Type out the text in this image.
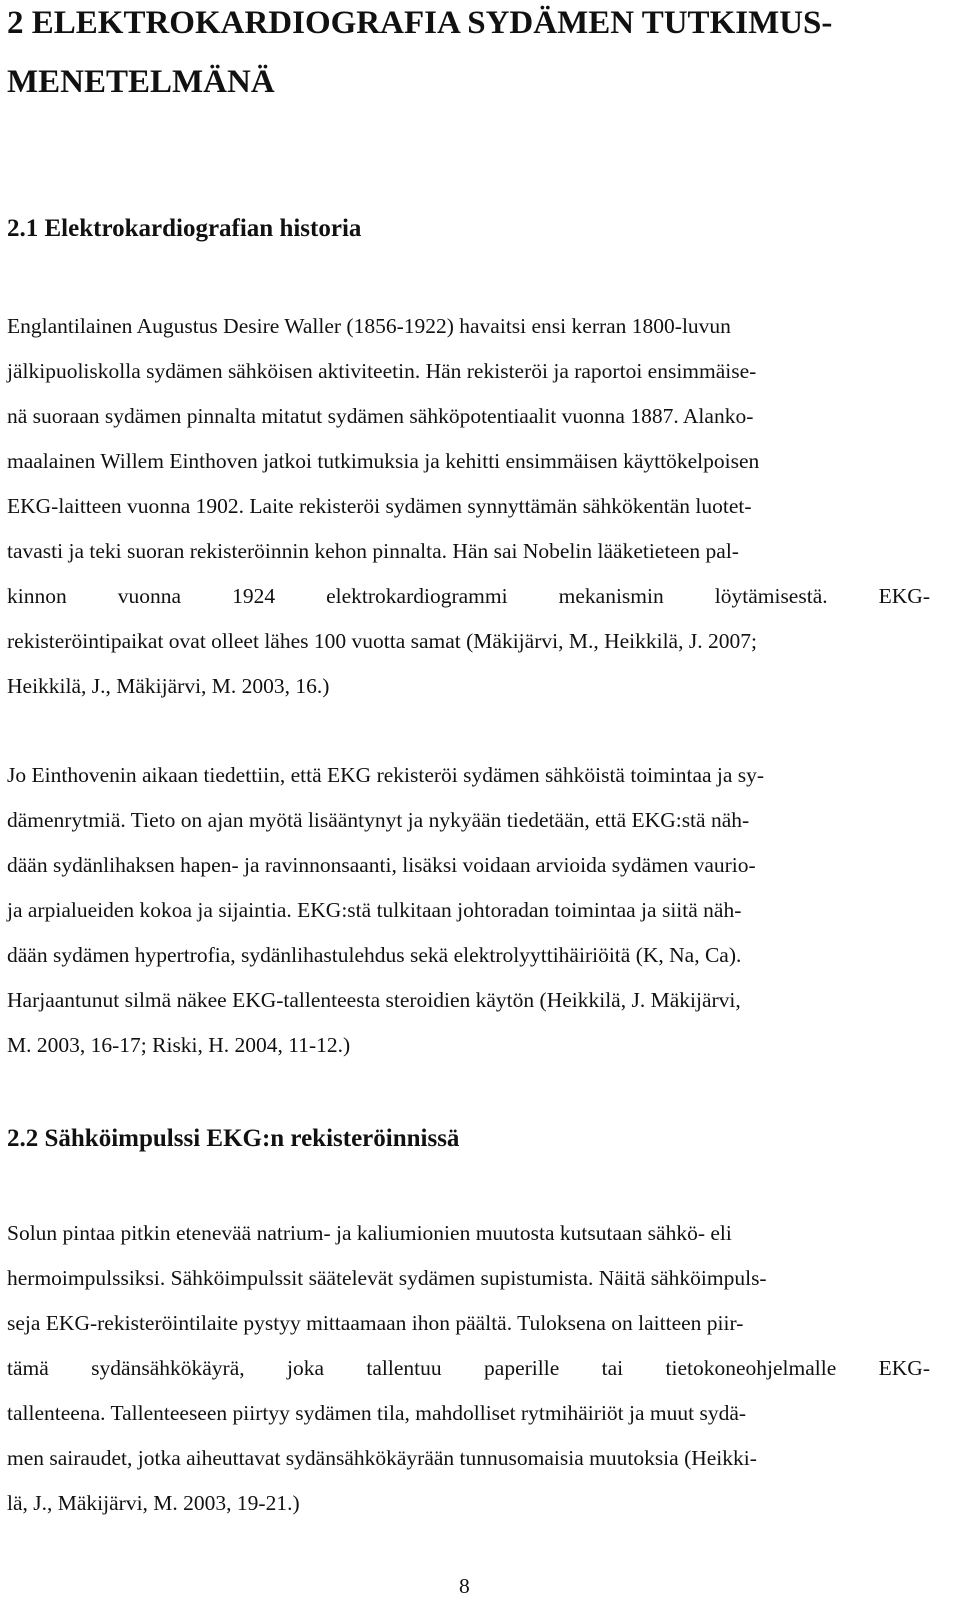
2 ELEKTROKARDIOGRAFIA SYDÄMEN TUTKIMUS-
MENETELMÄNÄ
2.1 Elektrokardiografian historia
Englantilainen Augustus Desire Waller (1856-1922) havaitsi ensi kerran 1800-luvun
jälkipuoliskolla sydämen sähköisen aktiviteetin. Hän rekisteröi ja raportoi ensimmäise-
nä suoraan sydämen pinnalta mitatut sydämen sähköpotentiaalit vuonna 1887. Alanko-
maalainen Willem Einthoven jatkoi tutkimuksia ja kehitti ensimmäisen käyttökelpoisen
EKG-laitteen vuonna 1902. Laite rekisteröi sydämen synnyttämän sähkökentän luotet-
tavasti ja teki suoran rekisteröinnin kehon pinnalta. Hän sai Nobelin lääketieteen pal-
kinnon vuonna 1924 elektrokardiogrammi mekanismin löytämisestä. EKG-
rekisteröintipaikat ovat olleet lähes 100 vuotta samat (Mäkijärvi, M., Heikkilä, J. 2007;
Heikkilä, J., Mäkijärvi, M. 2003, 16.)
Jo Einthovenin aikaan tiedettiin, että EKG rekisteröi sydämen sähköistä toimintaa ja sy-
dämenrytmiä. Tieto on ajan myötä lisääntynyt ja nykyään tiedetään, että EKG:stä näh-
dään sydänlihaksen hapen- ja ravinnonsaanti, lisäksi voidaan arvioida sydämen vaurio-
ja arpialueiden kokoa ja sijaintia. EKG:stä tulkitaan johtoradan toimintaa ja siitä näh-
dään sydämen hypertrofia, sydänlihastulehdus sekä elektrolyyttihäiriöitä (K, Na, Ca).
Harjaantunut silmä näkee EKG-tallenteesta steroidien käytön (Heikkilä, J. Mäkijärvi,
M. 2003, 16-17; Riski, H. 2004, 11-12.)
2.2 Sähköimpulssi EKG:n rekisteröinnissä
Solun pintaa pitkin etenevää natrium- ja kaliumionien muutosta kutsutaan sähkö- eli
hermoimpulssiksi. Sähköimpulssit säätelevät sydämen supistumista. Näitä sähköimpuls-
seja EKG-rekisteröintilaite pystyy mittaamaan ihon päältä. Tuloksena on laitteen piir-
tämä sydänsähkökäyrä, joka tallentuu paperille tai tietokoneohjelmalle EKG-
tallenteena. Tallenteeseen piirtyy sydämen tila, mahdolliset rytmihäiriöt ja muut sydä-
men sairaudet, jotka aiheuttavat sydänsähkökäyrään tunnusomaisia muutoksia (Heikki-
lä, J., Mäkijärvi, M. 2003, 19-21.)
8
